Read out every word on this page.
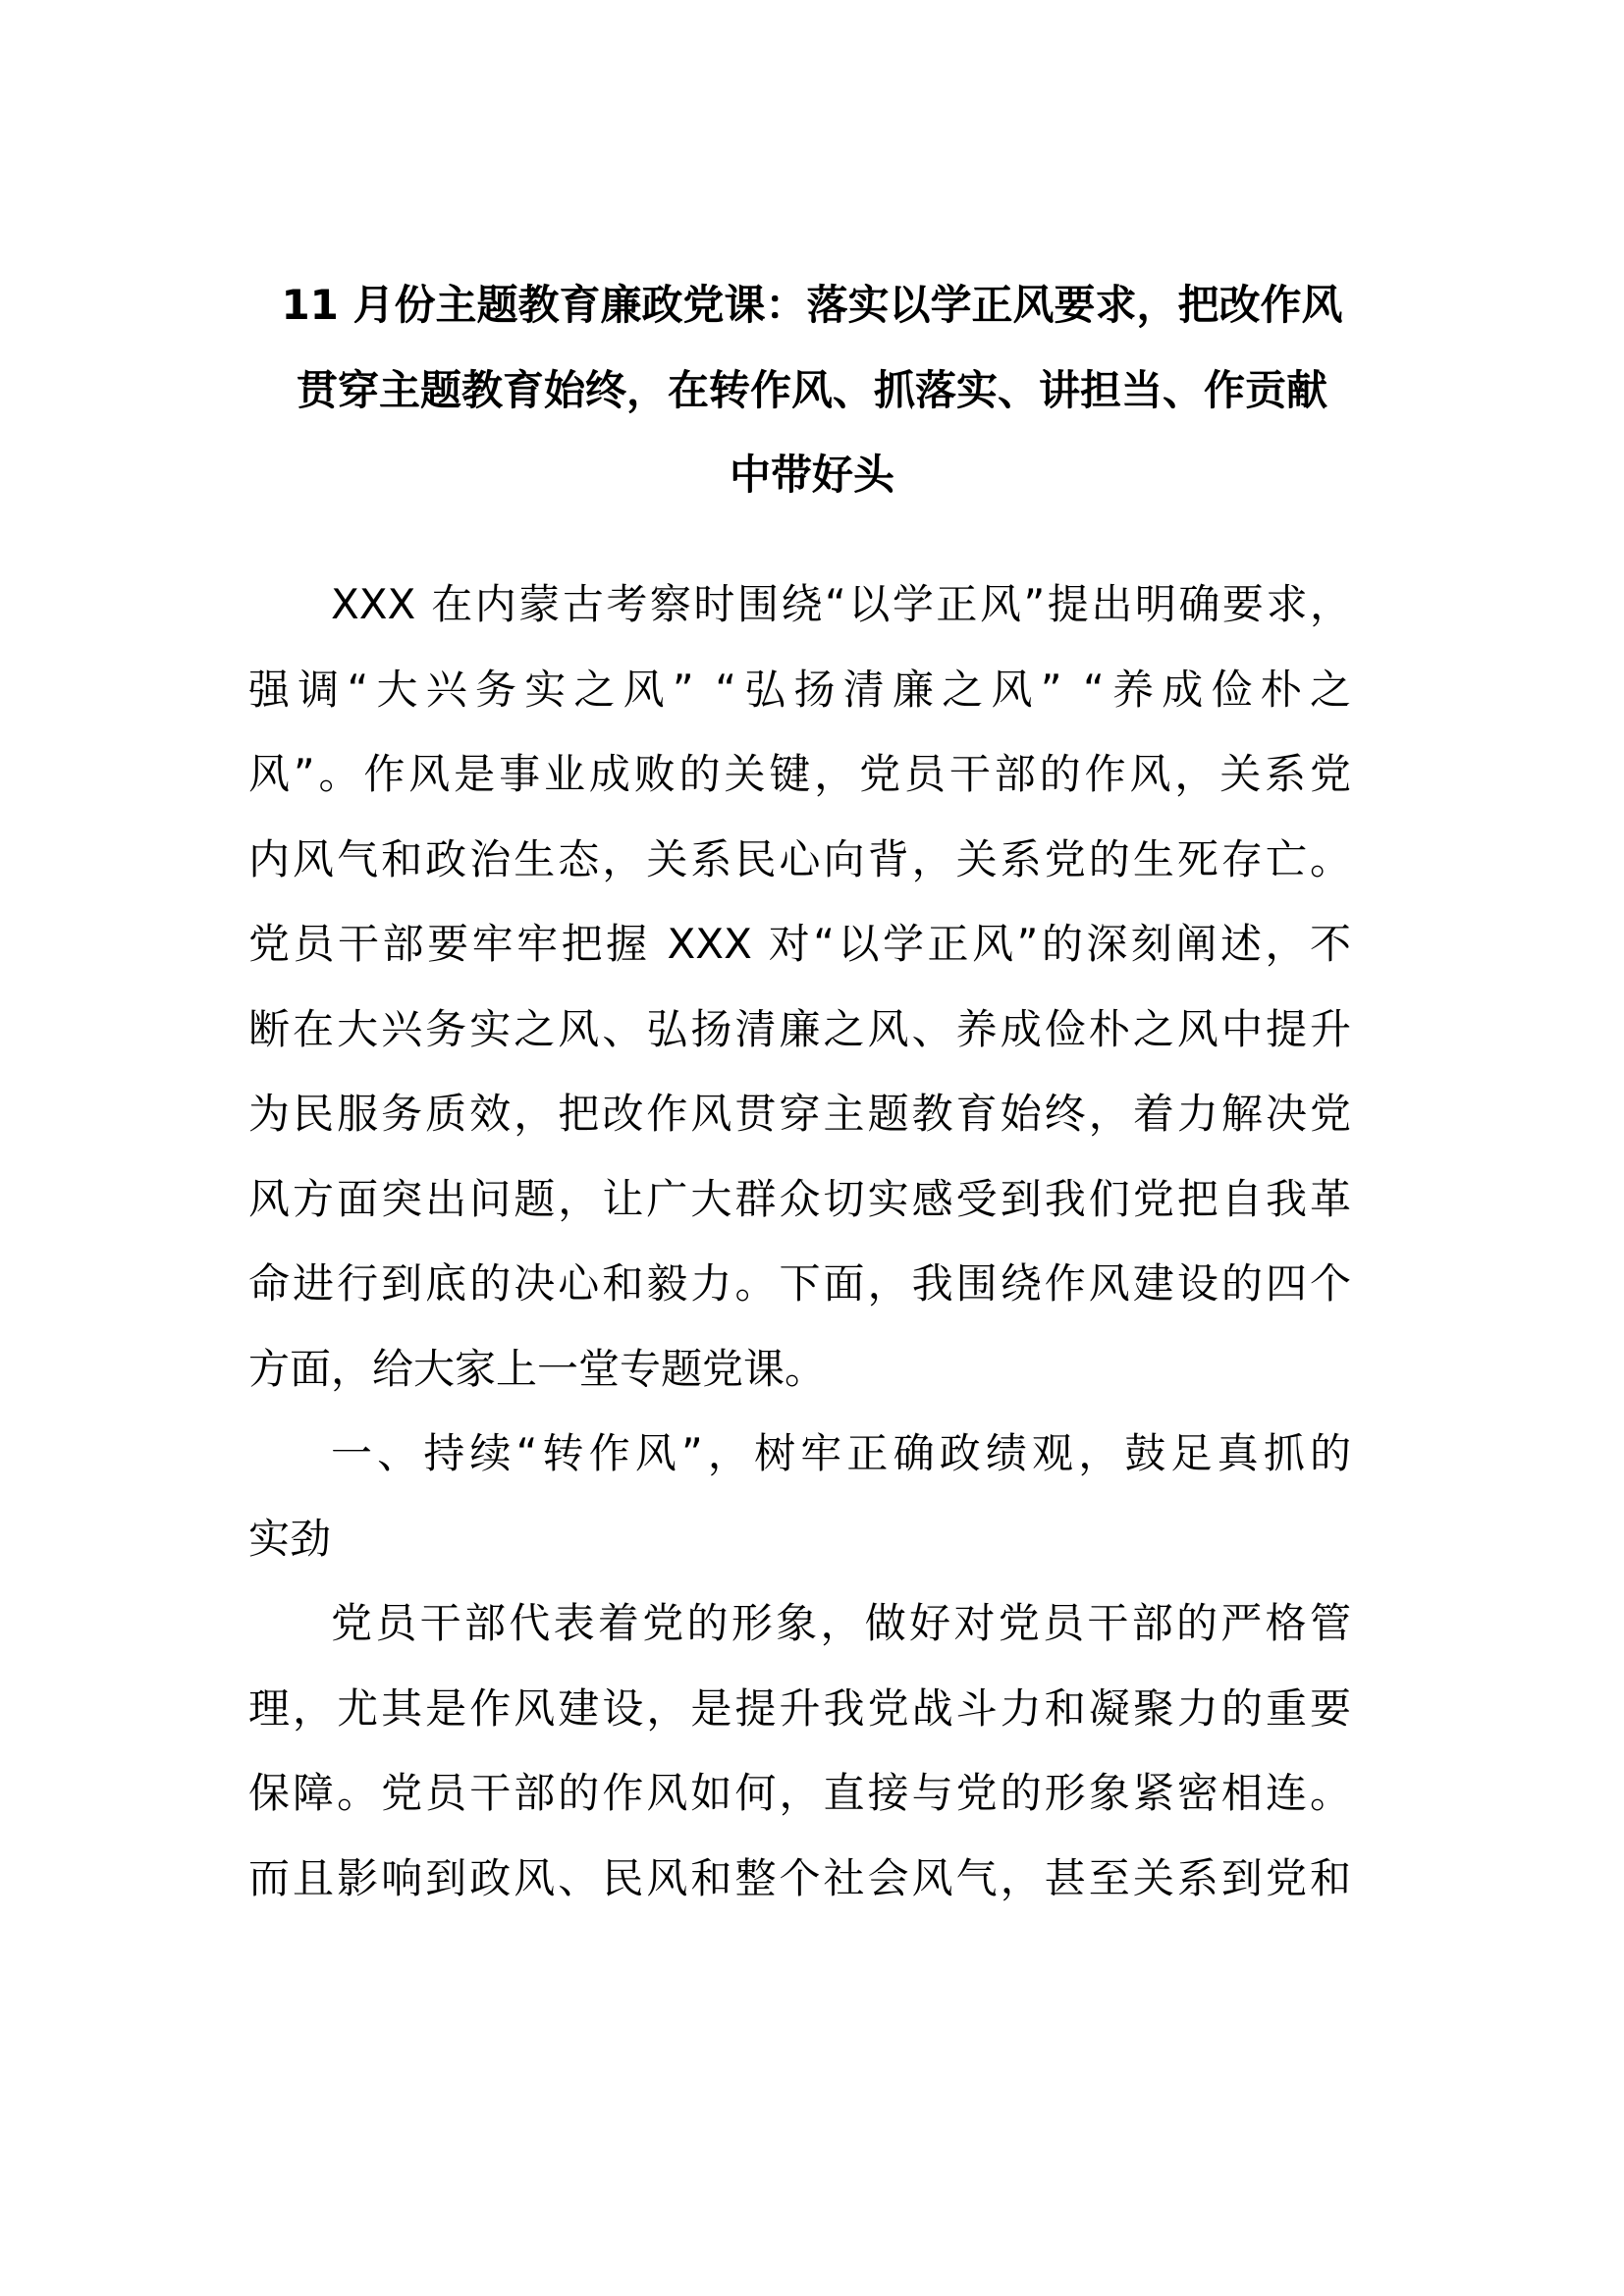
11 月份主题教育廉政党课：落实以学正风要求，把改作风
贯穿主题教育始终，在转作风、抓落实、讲担当、作贡献
中带好头
XXX 在内蒙古考察时围绕“以学正风”提出明确要求，
强调“大兴务实之风” “弘扬清廉之风” “养成俭朴之
风”。作风是事业成败的关键，党员干部的作风，关系党
内风气和政治生态，关系民心向背，关系党的生死存亡。
党员干部要牢牢把握 XXX 对“以学正风”的深刻阐述，不
断在大兴务实之风、弘扬清廉之风、养成俭朴之风中提升
为民服务质效，把改作风贯穿主题教育始终，着力解决党
风方面突出问题，让广大群众切实感受到我们党把自我革
命进行到底的决心和毅力。下面，我围绕作风建设的四个
方面，给大家上一堂专题党课。
一、持续“转作风”，树牢正确政绩观，鼓足真抓的
实劲
党员干部代表着党的形象，做好对党员干部的严格管
理，尤其是作风建设，是提升我党战斗力和凝聚力的重要
保障。党员干部的作风如何，直接与党的形象紧密相连。
而且影响到政风、民风和整个社会风气，甚至关系到党和
